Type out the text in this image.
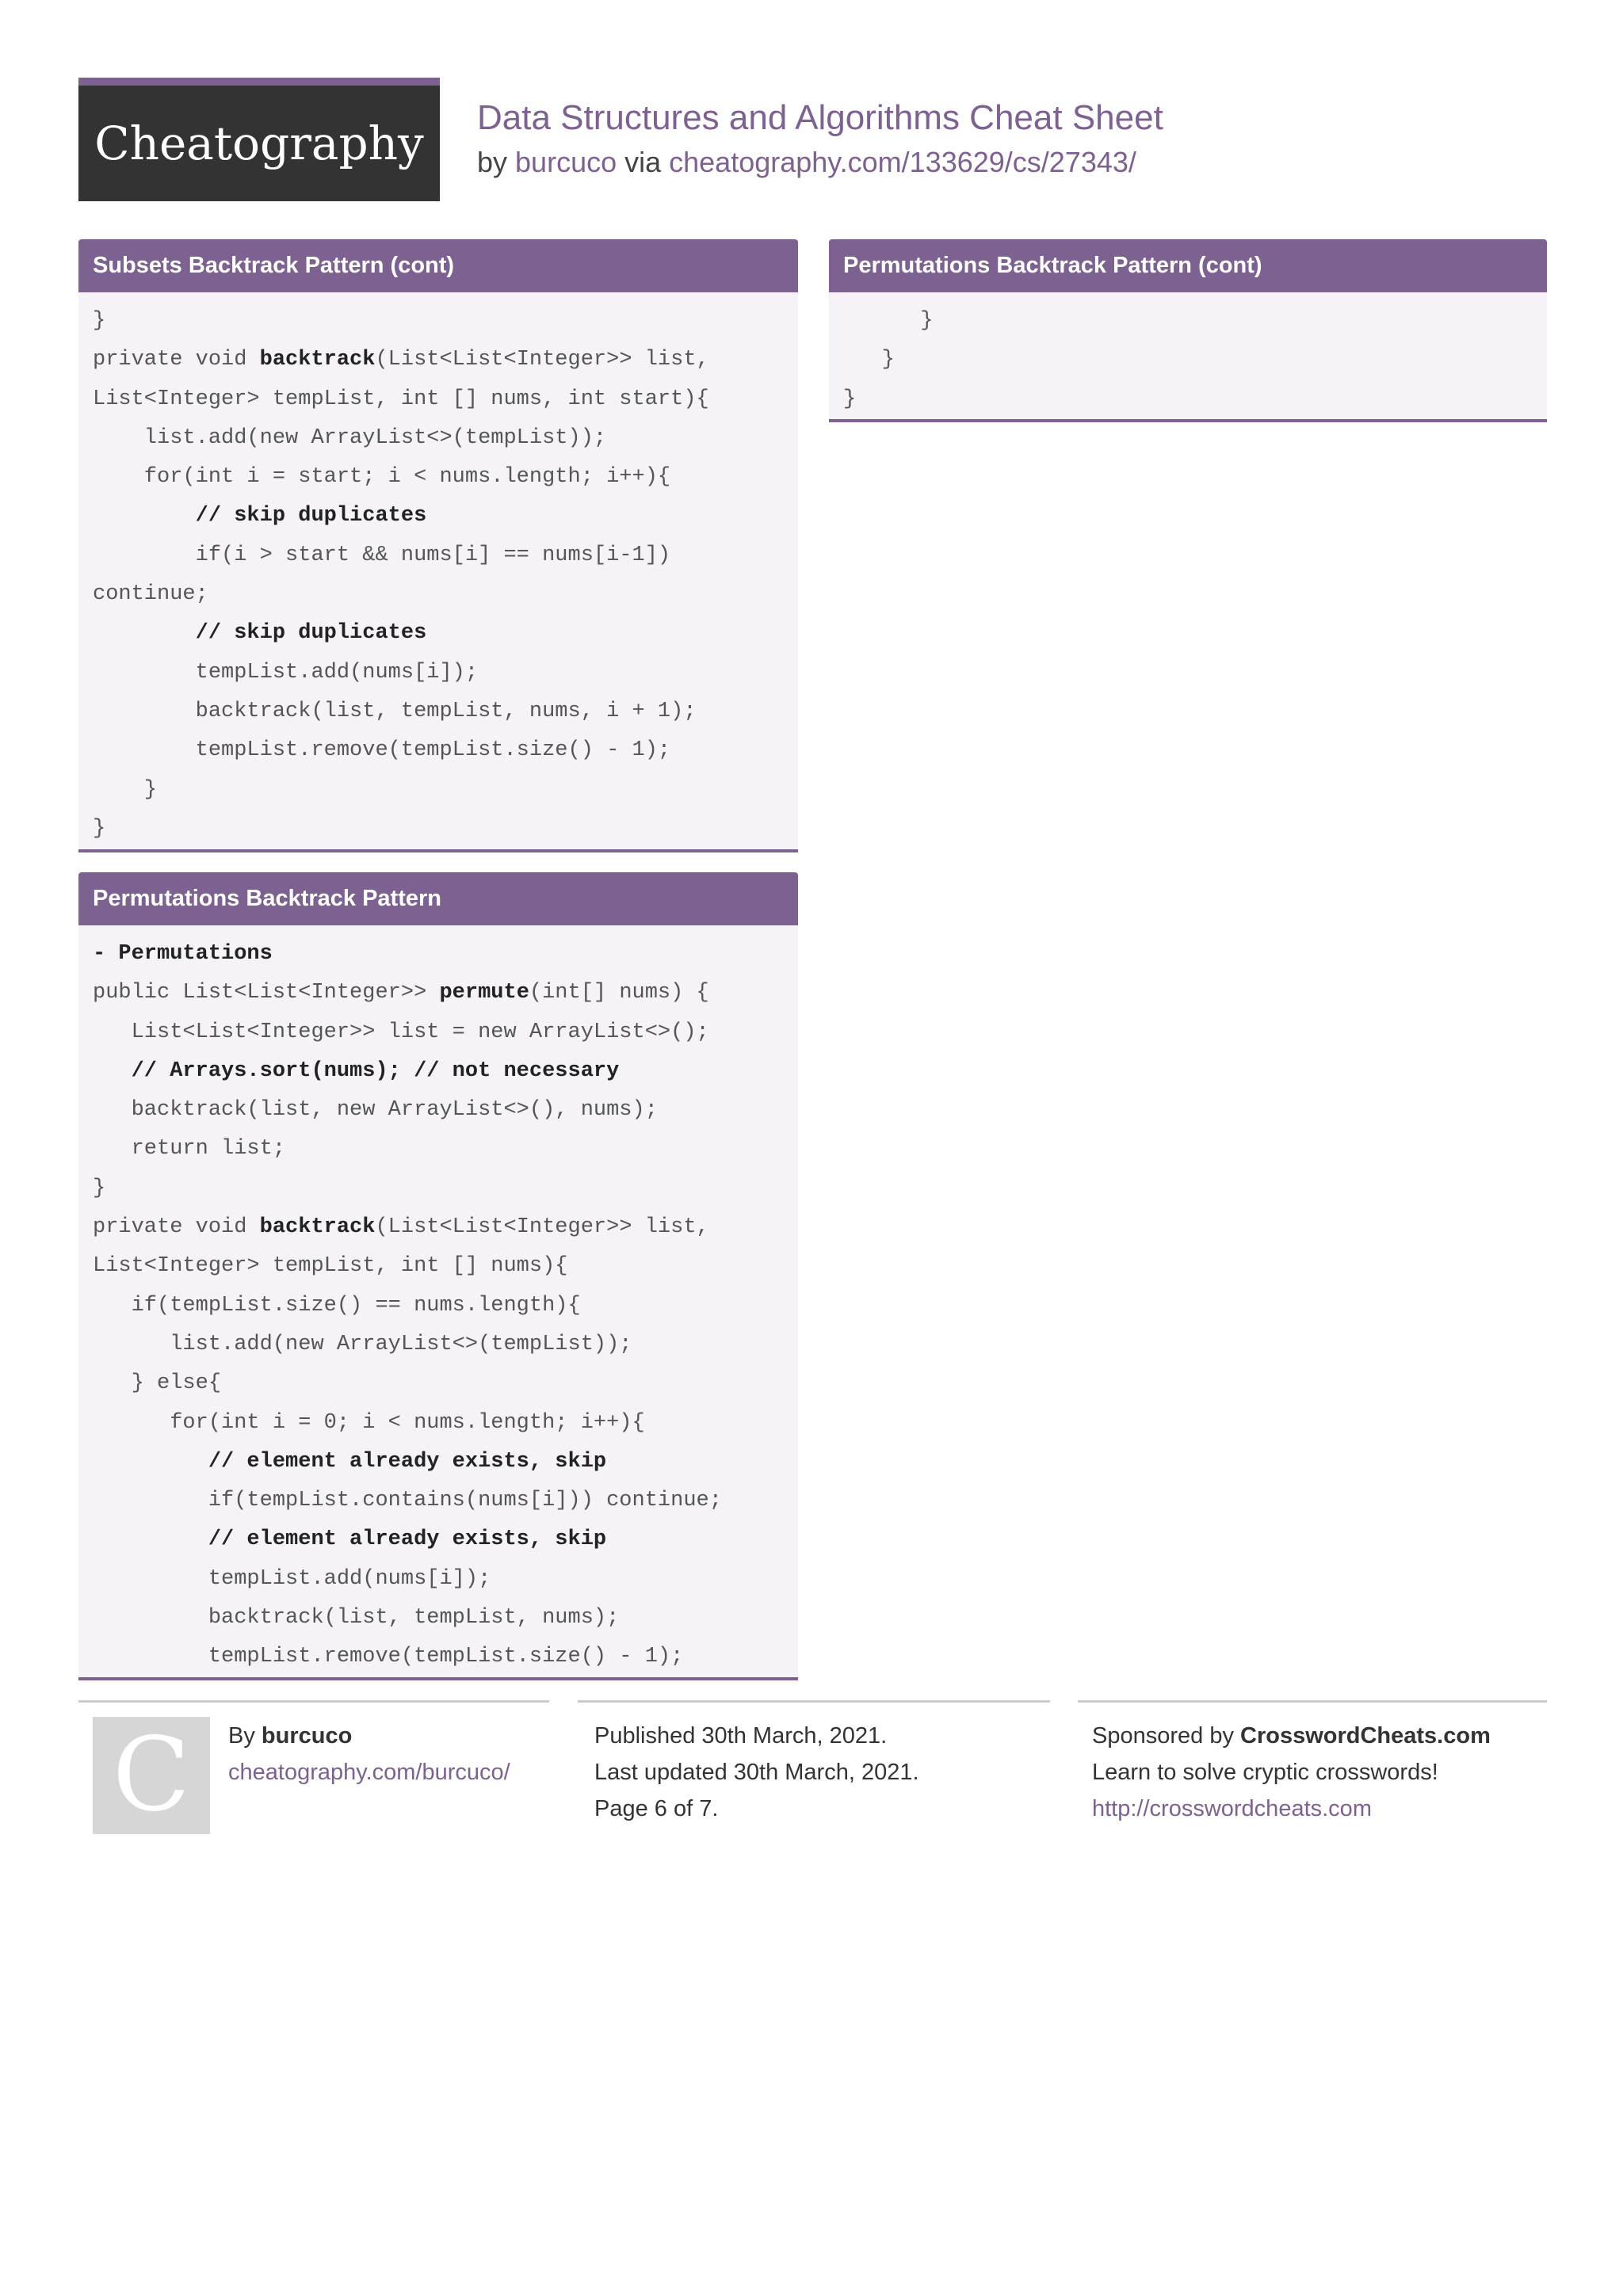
Cheatography Data Structures and Algorithms Cheat Sheet
by burcuco via cheatography.com/133629/cs/27343/
Subsets Backtrack Pattern (cont)
}
private void backtrack(List<List<Integer>> list,
List<Integer> tempList, int [] nums, int start){
list.add(new ArrayList<>(tempList));
for(int i = start; i < nums.length; i++){
// skip duplicates
if(i > start && nums[i] == nums[i-1])
continue;
// skip duplicates
tempList.add(nums[i]);
backtrack(list, tempList, nums, i + 1);
tempList.remove(tempList.size() - 1);
}
}
Permutations Backtrack Pattern (cont)
}
}
}
Permutations Backtrack Pattern
- Permutations
public List<List<Integer>> permute(int[] nums) {
List<List<Integer>> list = new ArrayList<>();
// Arrays.sort(nums); // not necessary
backtrack(list, new ArrayList<>(), nums);
return list;
}
private void backtrack(List<List<Integer>> list,
List<Integer> tempList, int [] nums){
if(tempList.size() == nums.length){
list.add(new ArrayList<>(tempList));
} else{
for(int i = 0; i < nums.length; i++){
// element already exists, skip
if(tempList.contains(nums[i])) continue;
// element already exists, skip
tempList.add(nums[i]);
backtrack(list, tempList, nums);
tempList.remove(tempList.size() - 1);
C By burcuco
cheatography.com/burcuco/
Published 30th March, 2021.
Last updated 30th March, 2021.
Page 6 of 7.
Sponsored by CrosswordCheats.com
Learn to solve cryptic crosswords!
http://crosswordcheats.com
